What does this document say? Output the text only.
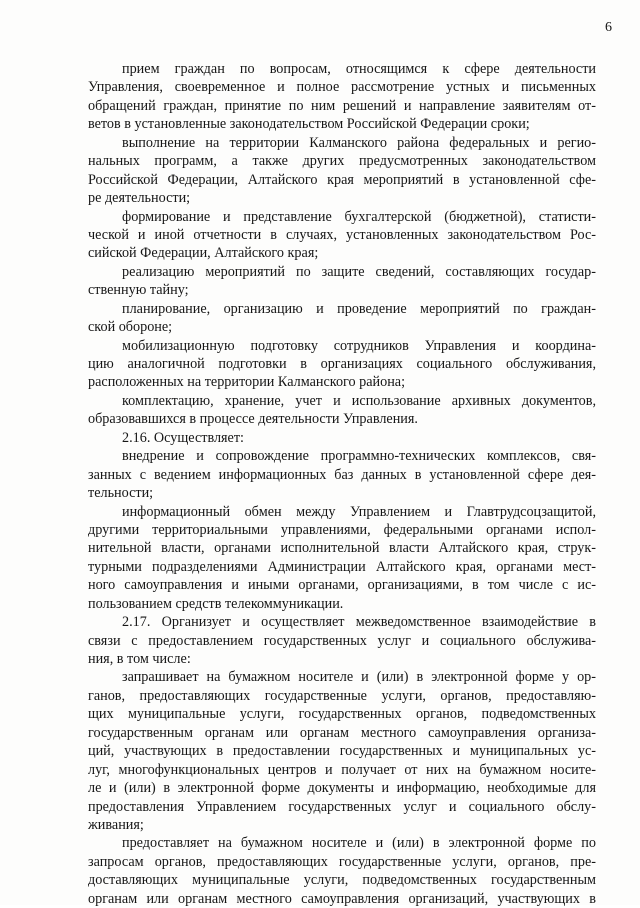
6
прием граждан по вопросам, относящимся к сфере деятельности
Управления, своевременное и полное рассмотрение устных и письменных
обращений граждан, принятие по ним решений и направление заявителям от-
ветов в установленные законодательством Российской Федерации сроки;
выполнение на территории Калманского района федеральных и регио-
нальных программ, а также других предусмотренных законодательством
Российской Федерации, Алтайского края мероприятий в установленной сфе-
ре деятельности;
формирование и представление бухгалтерской (бюджетной), статисти-
ческой и иной отчетности в случаях, установленных законодательством Рос-
сийской Федерации, Алтайского края;
реализацию мероприятий по защите сведений, составляющих государ-
ственную тайну;
планирование, организацию и проведение мероприятий по граждан-
ской обороне;
мобилизационную подготовку сотрудников Управления и координа-
цию аналогичной подготовки в организациях социального обслуживания,
расположенных на территории Калманского района;
комплектацию, хранение, учет и использование архивных документов,
образовавшихся в процессе деятельности Управления.
2.16. Осуществляет:
внедрение и сопровождение программно-технических комплексов, свя-
занных с ведением информационных баз данных в установленной сфере дея-
тельности;
информационный обмен между Управлением и Главтрудсоцзащитой,
другими территориальными управлениями, федеральными органами испол-
нительной власти, органами исполнительной власти Алтайского края, струк-
турными подразделениями Администрации Алтайского края, органами мест-
ного самоуправления и иными органами, организациями, в том числе с ис-
пользованием средств телекоммуникации.
2.17. Организует и осуществляет межведомственное взаимодействие в
связи с предоставлением государственных услуг и социального обслужива-
ния, в том числе:
запрашивает на бумажном носителе и (или) в электронной форме у ор-
ганов, предоставляющих государственные услуги, органов, предоставляю-
щих муниципальные услуги, государственных органов, подведомственных
государственным органам или органам местного самоуправления организа-
ций, участвующих в предоставлении государственных и муниципальных ус-
луг, многофункциональных центров и получает от них на бумажном носите-
ле и (или) в электронной форме документы и информацию, необходимые для
предоставления Управлением государственных услуг и социального обслу-
живания;
предоставляет на бумажном носителе и (или) в электронной форме по
запросам органов, предоставляющих государственные услуги, органов, пре-
доставляющих муниципальные услуги, подведомственных государственным
органам или органам местного самоуправления организаций, участвующих в
